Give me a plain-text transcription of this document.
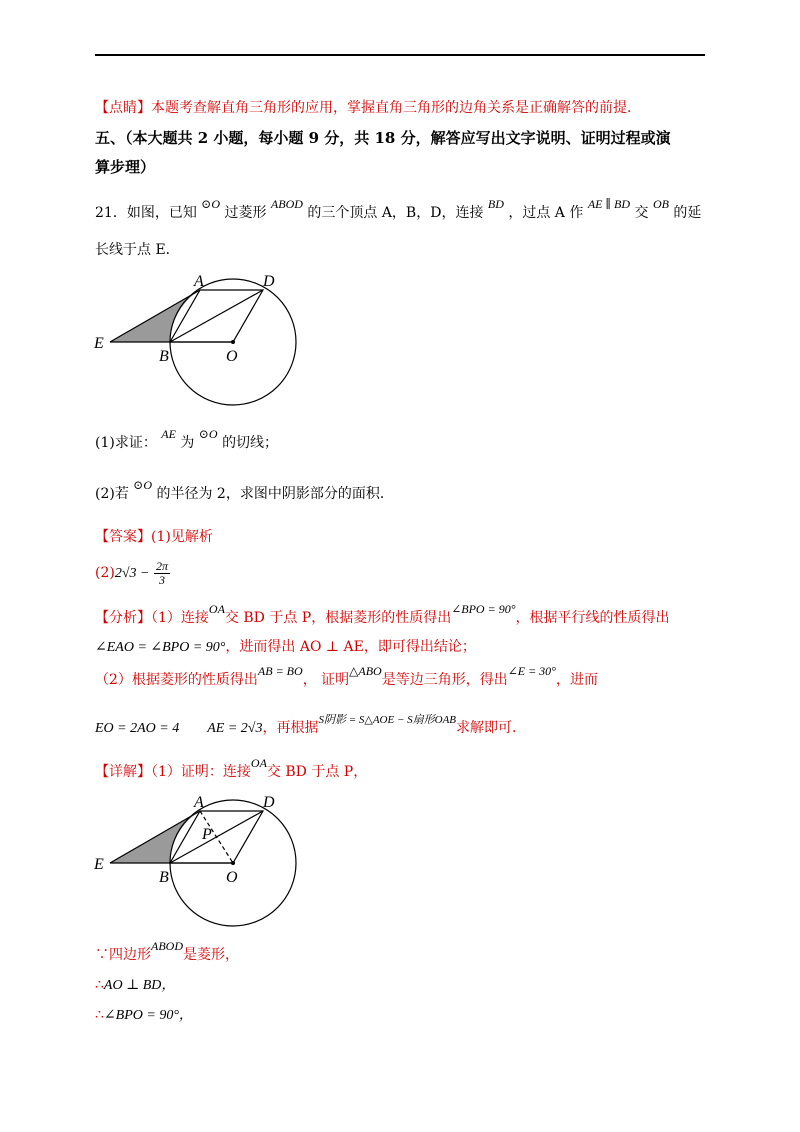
【点睛】本题考查解直角三角形的应用，掌握直角三角形的边角关系是正确解答的前提．
五、（本大题共 2 小题，每小题 9 分，共 18 分，解答应写出文字说明、证明过程或演
算步理）
21．如图，已知 ⊙O 过菱形 ABOD 的三个顶点 A，B，D，连接 BD ，过点 A 作 AE ∥ BD 交 OB 的延
长线于点 E．
A	D
E
B	O
(1)求证： AE 为 ⊙O 的切线；
(2)若 ⊙O 的半径为 2，求图中阴影部分的面积．
【答案】(1)见解析
$(2)2√3 - \frac{2\pi}{3}$
【分析】（1）连接OA交 BD 于点 P，根据菱形的性质得出∠BPO = 90°，根据平行线的性质得出
∠EAO = ∠BPO = 90°，进而得出 AO ⊥ AE，即可得出结论；
（2）根据菱形的性质得出AB = BO， 证明△ABO是等边三角形，得出∠E = 30°，进而
EO = 2AO = 4 AE = 2√3，再根据$^{S阴影 = S\triangle AOE - S扇形OAB}$求解即可．
【详解】（1）证明：连接OA交 BD 于点 P，
A	D
P
E
B	O
∵四边形ABOD是菱形，
∴AO ⊥ BD，
∴∠BPO = 90°，
